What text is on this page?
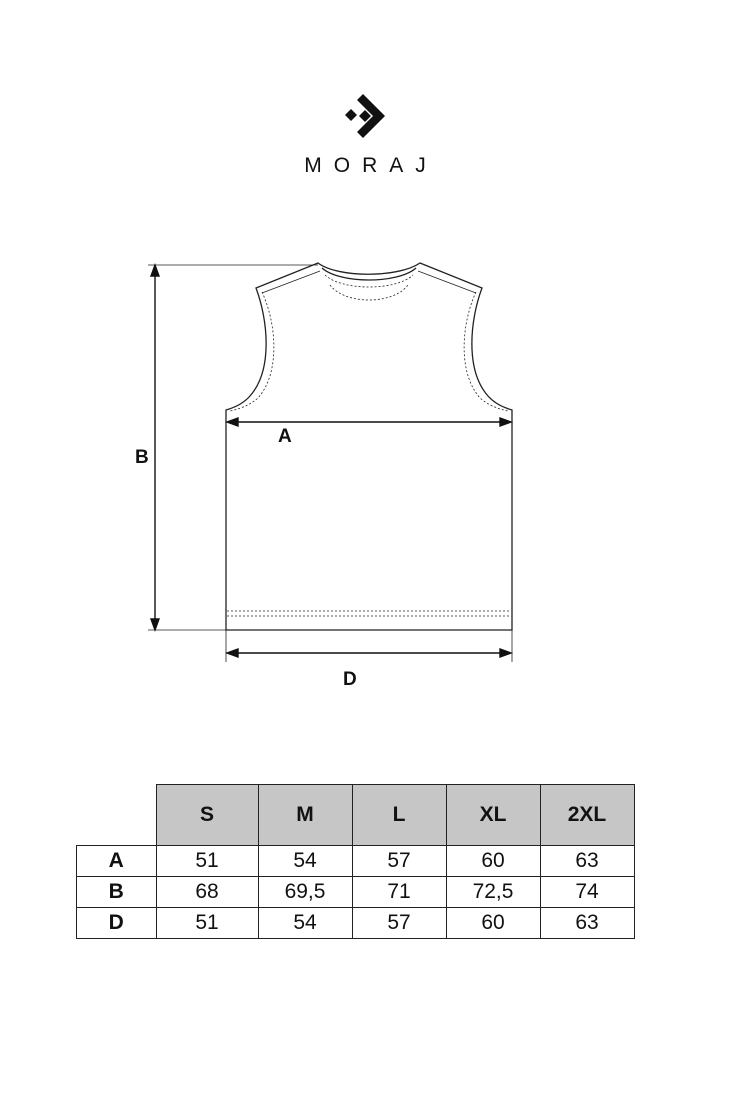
MORAJ
A
B
D
	S	M	L	XL	2XL
A	51	54	57	60	63
B	68	69,5	71	72,5	74
D	51	54	57	60	63
